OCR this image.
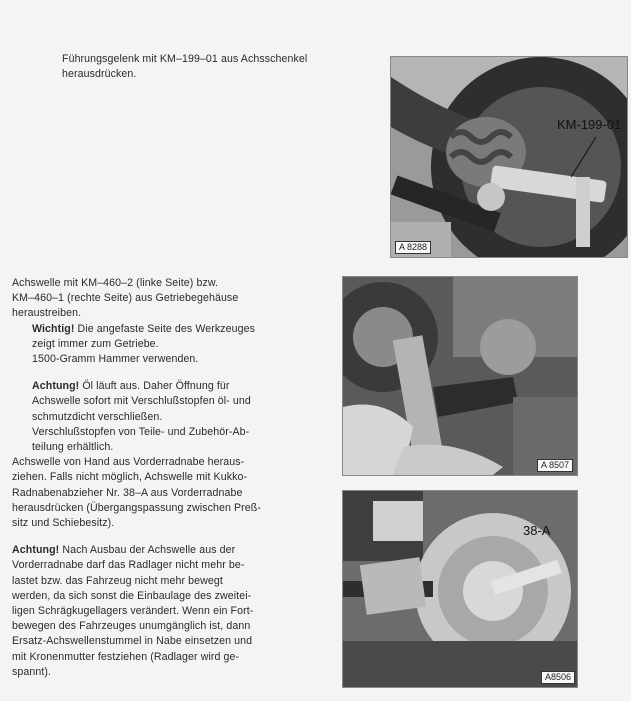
Führungsgelenk mit KM–199–01 aus Achsschenkel

herausdrücken.

KM-199-01
A 8288

Achswelle mit KM–460–2 (linke Seite) bzw.

KM–460–1 (rechte Seite) aus Getriebegehäuse

heraustreiben.

Wichtig! Die angefaste Seite des Werkzeuges

zeigt immer zum Getriebe.

1500-Gramm Hammer verwenden.

Achtung! Öl läuft aus. Daher Öffnung für

Achswelle sofort mit Verschlußstopfen öl- und

schmutzdicht verschließen.

Verschlußstopfen von Teile- und Zubehör-Ab-

teilung erhältlich.

Achswelle von Hand aus Vorderradnabe heraus-

ziehen. Falls nicht möglich, Achswelle mit Kukko-

Radnabenabzieher Nr. 38–A aus Vorderradnabe

herausdrücken (Übergangspassung zwischen Preß-

sitz und Schiebesitz).

Achtung! Nach Ausbau der Achswelle aus der

Vorderradnabe darf das Radlager nicht mehr be-

lastet bzw. das Fahrzeug nicht mehr bewegt

werden, da sich sonst die Einbaulage des zweitei-

ligen Schrägkugellagers verändert. Wenn ein Fort-

bewegen des Fahrzeuges unumgänglich ist, dann

Ersatz-Achswellenstummel in Nabe einsetzen und

mit Kronenmutter festziehen (Radlager wird ge-

spannt).

A 8507
38-A
A8506
